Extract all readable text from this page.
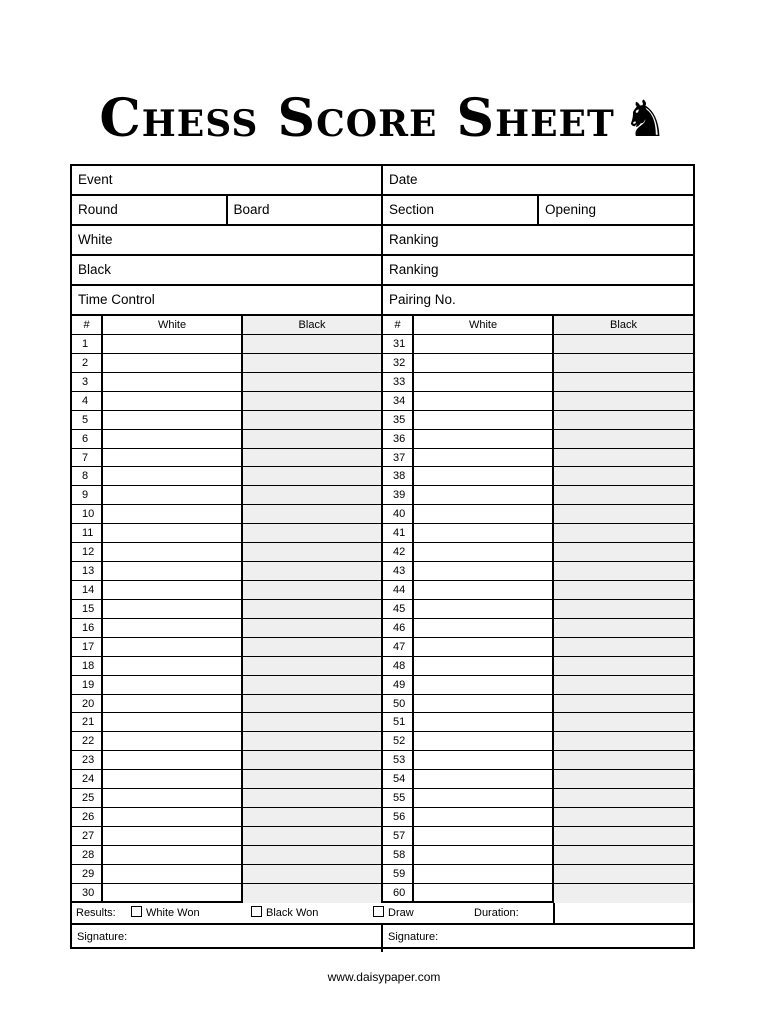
Chess Score Sheet ♞
Event	Date
Round	Board	Section	Opening
White	Ranking
Black	Ranking
Time Control	Pairing No.
#	White	Black
1
2
3
4
5
6
7
8
9
10
11
12
13
14
15
16
17
18
19
20
21
22
23
24
25
26
27
28
29
30
#	White	Black
31
32
33
34
35
36
37
38
39
40
41
42
43
44
45
46
47
48
49
50
51
52
53
54
55
56
57
58
59
60
Results:	White Won	Black Won	Draw	Duration:
Signature:	Signature:
www.daisypaper.com
